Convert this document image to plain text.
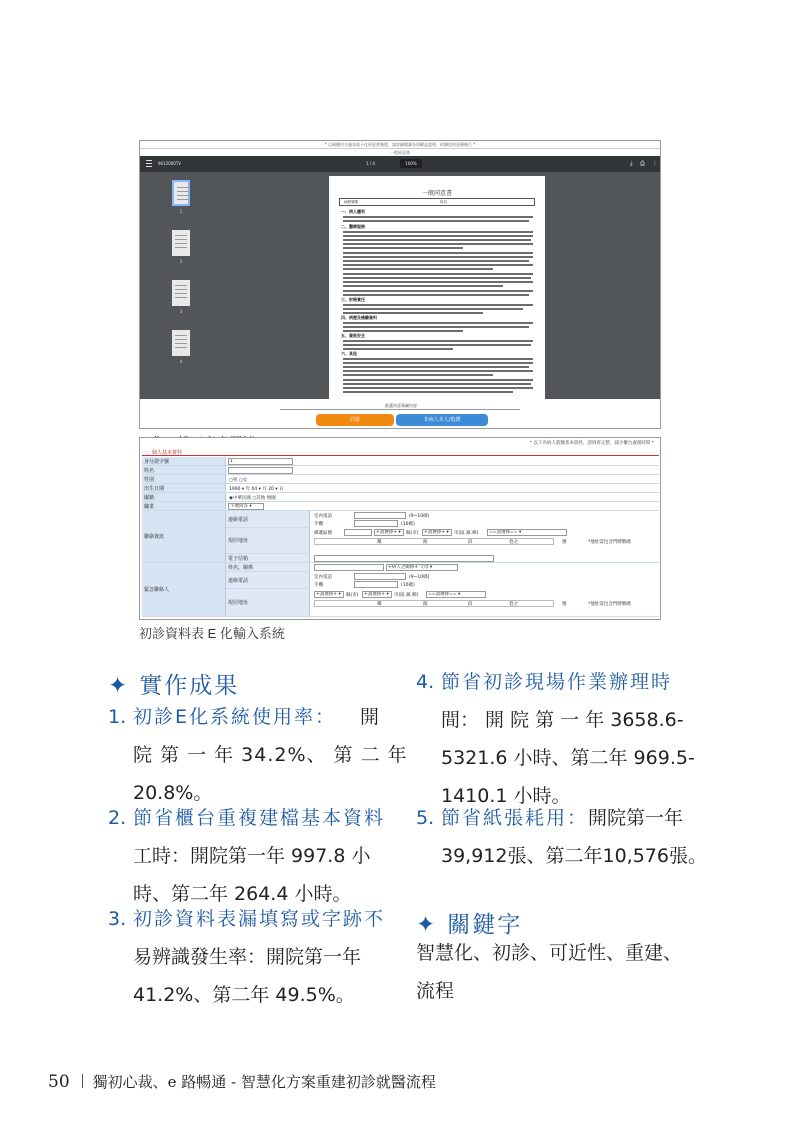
* 以兩種用方處表電子化同意書簽閱，請詳細閱讀各項權益說明，依據您的意願進行 *
一般同意書
9612000TV	1 / 4	100%	⤓ ⎙ ⋮
1
2
3
4
一般同意書
病歷號碼	姓名
一、病人權利
二、醫療服務
三、財務責任
四、病歷及檢驗資料
五、資訊安全
六、其他
點選同意簽屬內容
同意	非病人本人/監護
* 以下為病人就醫基本資料，請填寫完整，減少櫃台處理時間 *
一、個人基本資料
身分證字號	1
姓名
性別	○男 ○女
出生日期	1990 ▾ 年 04 ▾ 月 20 ▾ 日
國籍	◉中華民國 ○其他 無國
職業	不便回答 ▾
聯絡資訊
連絡電話	室內電話	(9~10碼)
手機	(10碼)
現居地址
郵遞區號	+請選擇+ ▾	縣(市)	+請選擇+ ▾	市(區.鎮.鄉)	==請選擇== ▾
鄰	路	段	巷之	號	*地址需包含門牌號碼
電子信箱
緊急聯絡人
姓名、關係	+病人之關係+ 父母 ▾
連絡電話	室內電話	(9~10碼)
手機	(10碼)
現居地址
+請選擇+ ▾	縣(市)	+請選擇+ ▾	市(區.鎮.鄉)	==請選擇== ▾
鄰	路	段	巷之	號	*地址需包含門牌號碼
初診資料表 E 化輸入系統
✦ 實作成果
1. 初診E化系統使用率： 開
院 第 一 年 34.2%、 第 二 年
20.8%。
2. 節省櫃台重複建檔基本資料
工時：開院第一年 997.8 小
時、第二年 264.4 小時。
3. 初診資料表漏填寫或字跡不
易辨識發生率：開院第一年
41.2%、第二年 49.5%。
4. 節省初診現場作業辦理時
間： 開 院 第 一 年 3658.6-
5321.6 小時、第二年 969.5-
1410.1 小時。
5. 節省紙張耗用： 開院第一年
39,912張、第二年10,576張。
✦ 關鍵字
智慧化、初診、可近性、重建、
流程
50 獨初心裁、e 路暢通 - 智慧化方案重建初診就醫流程
